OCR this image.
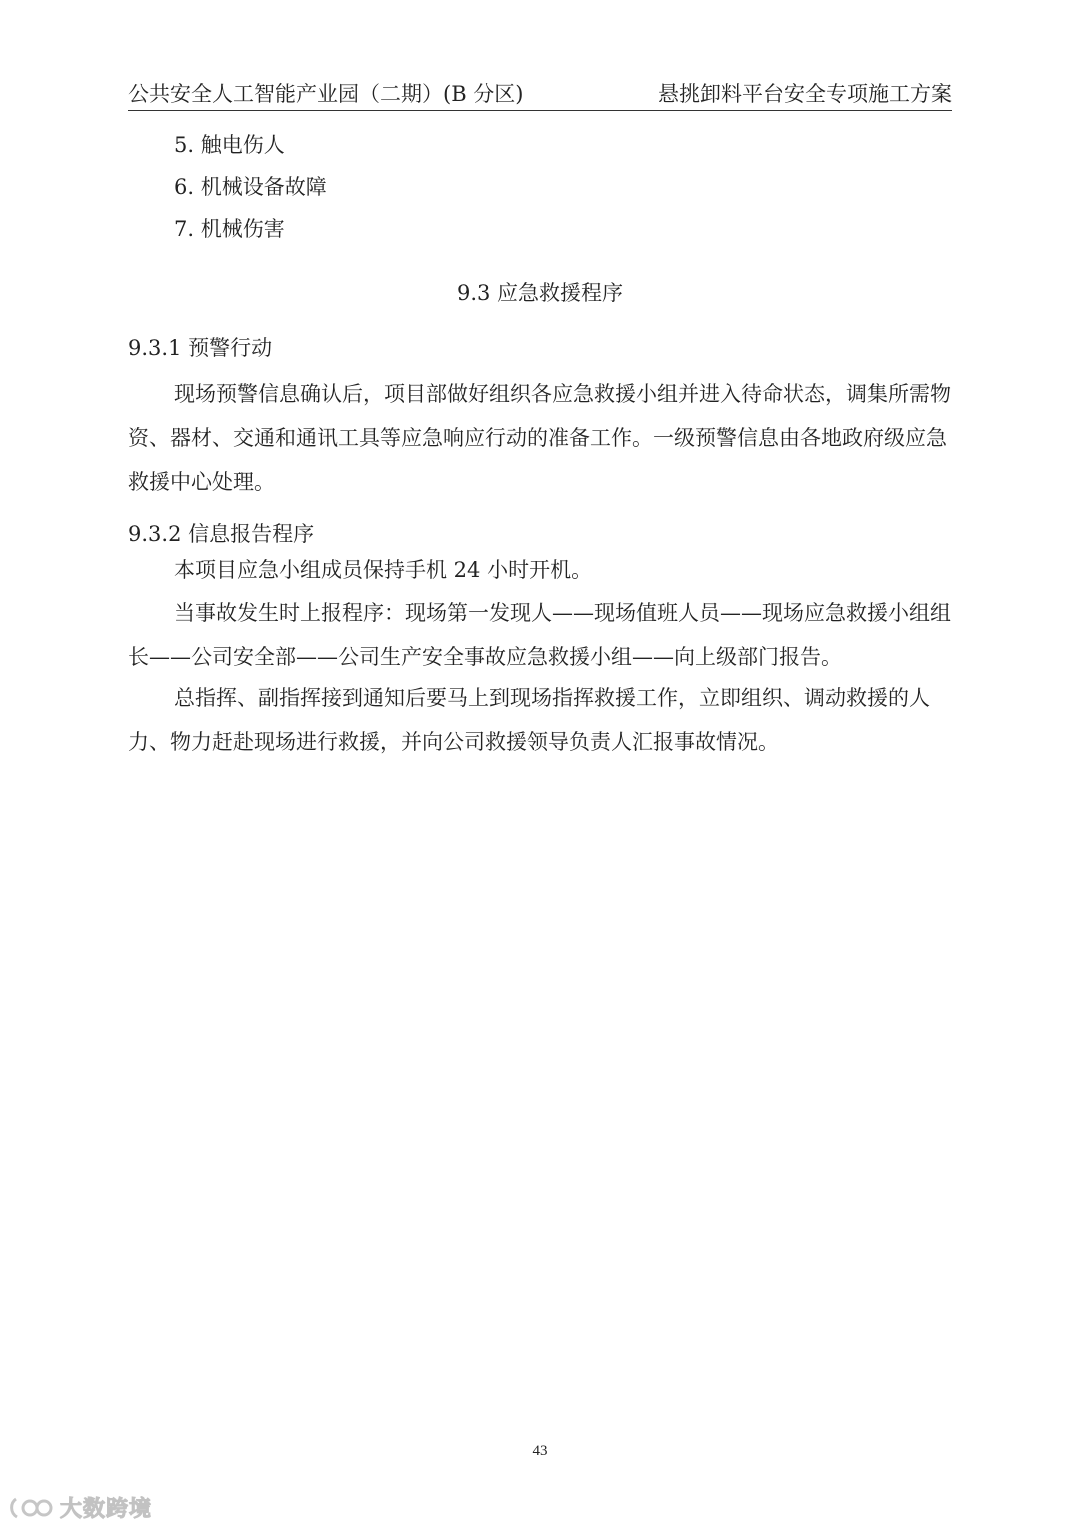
公共安全人工智能产业园（二期）(B 分区)	悬挑卸料平台安全专项施工方案
5. 触电伤人
6. 机械设备故障
7. 机械伤害
9.3 应急救援程序
9.3.1 预警行动
现场预警信息确认后，项目部做好组织各应急救援小组并进入待命状态，调集所需物资、器材、交通和通讯工具等应急响应行动的准备工作。一级预警信息由各地政府级应急救援中心处理。
9.3.2 信息报告程序
本项目应急小组成员保持手机 24 小时开机。
当事故发生时上报程序：现场第一发现人——现场值班人员——现场应急救援小组组长——公司安全部——公司生产安全事故应急救援小组——向上级部门报告。
总指挥、副指挥接到通知后要马上到现场指挥救援工作，立即组织、调动救援的人力、物力赶赴现场进行救援，并向公司救援领导负责人汇报事故情况。
43
大数跨境
